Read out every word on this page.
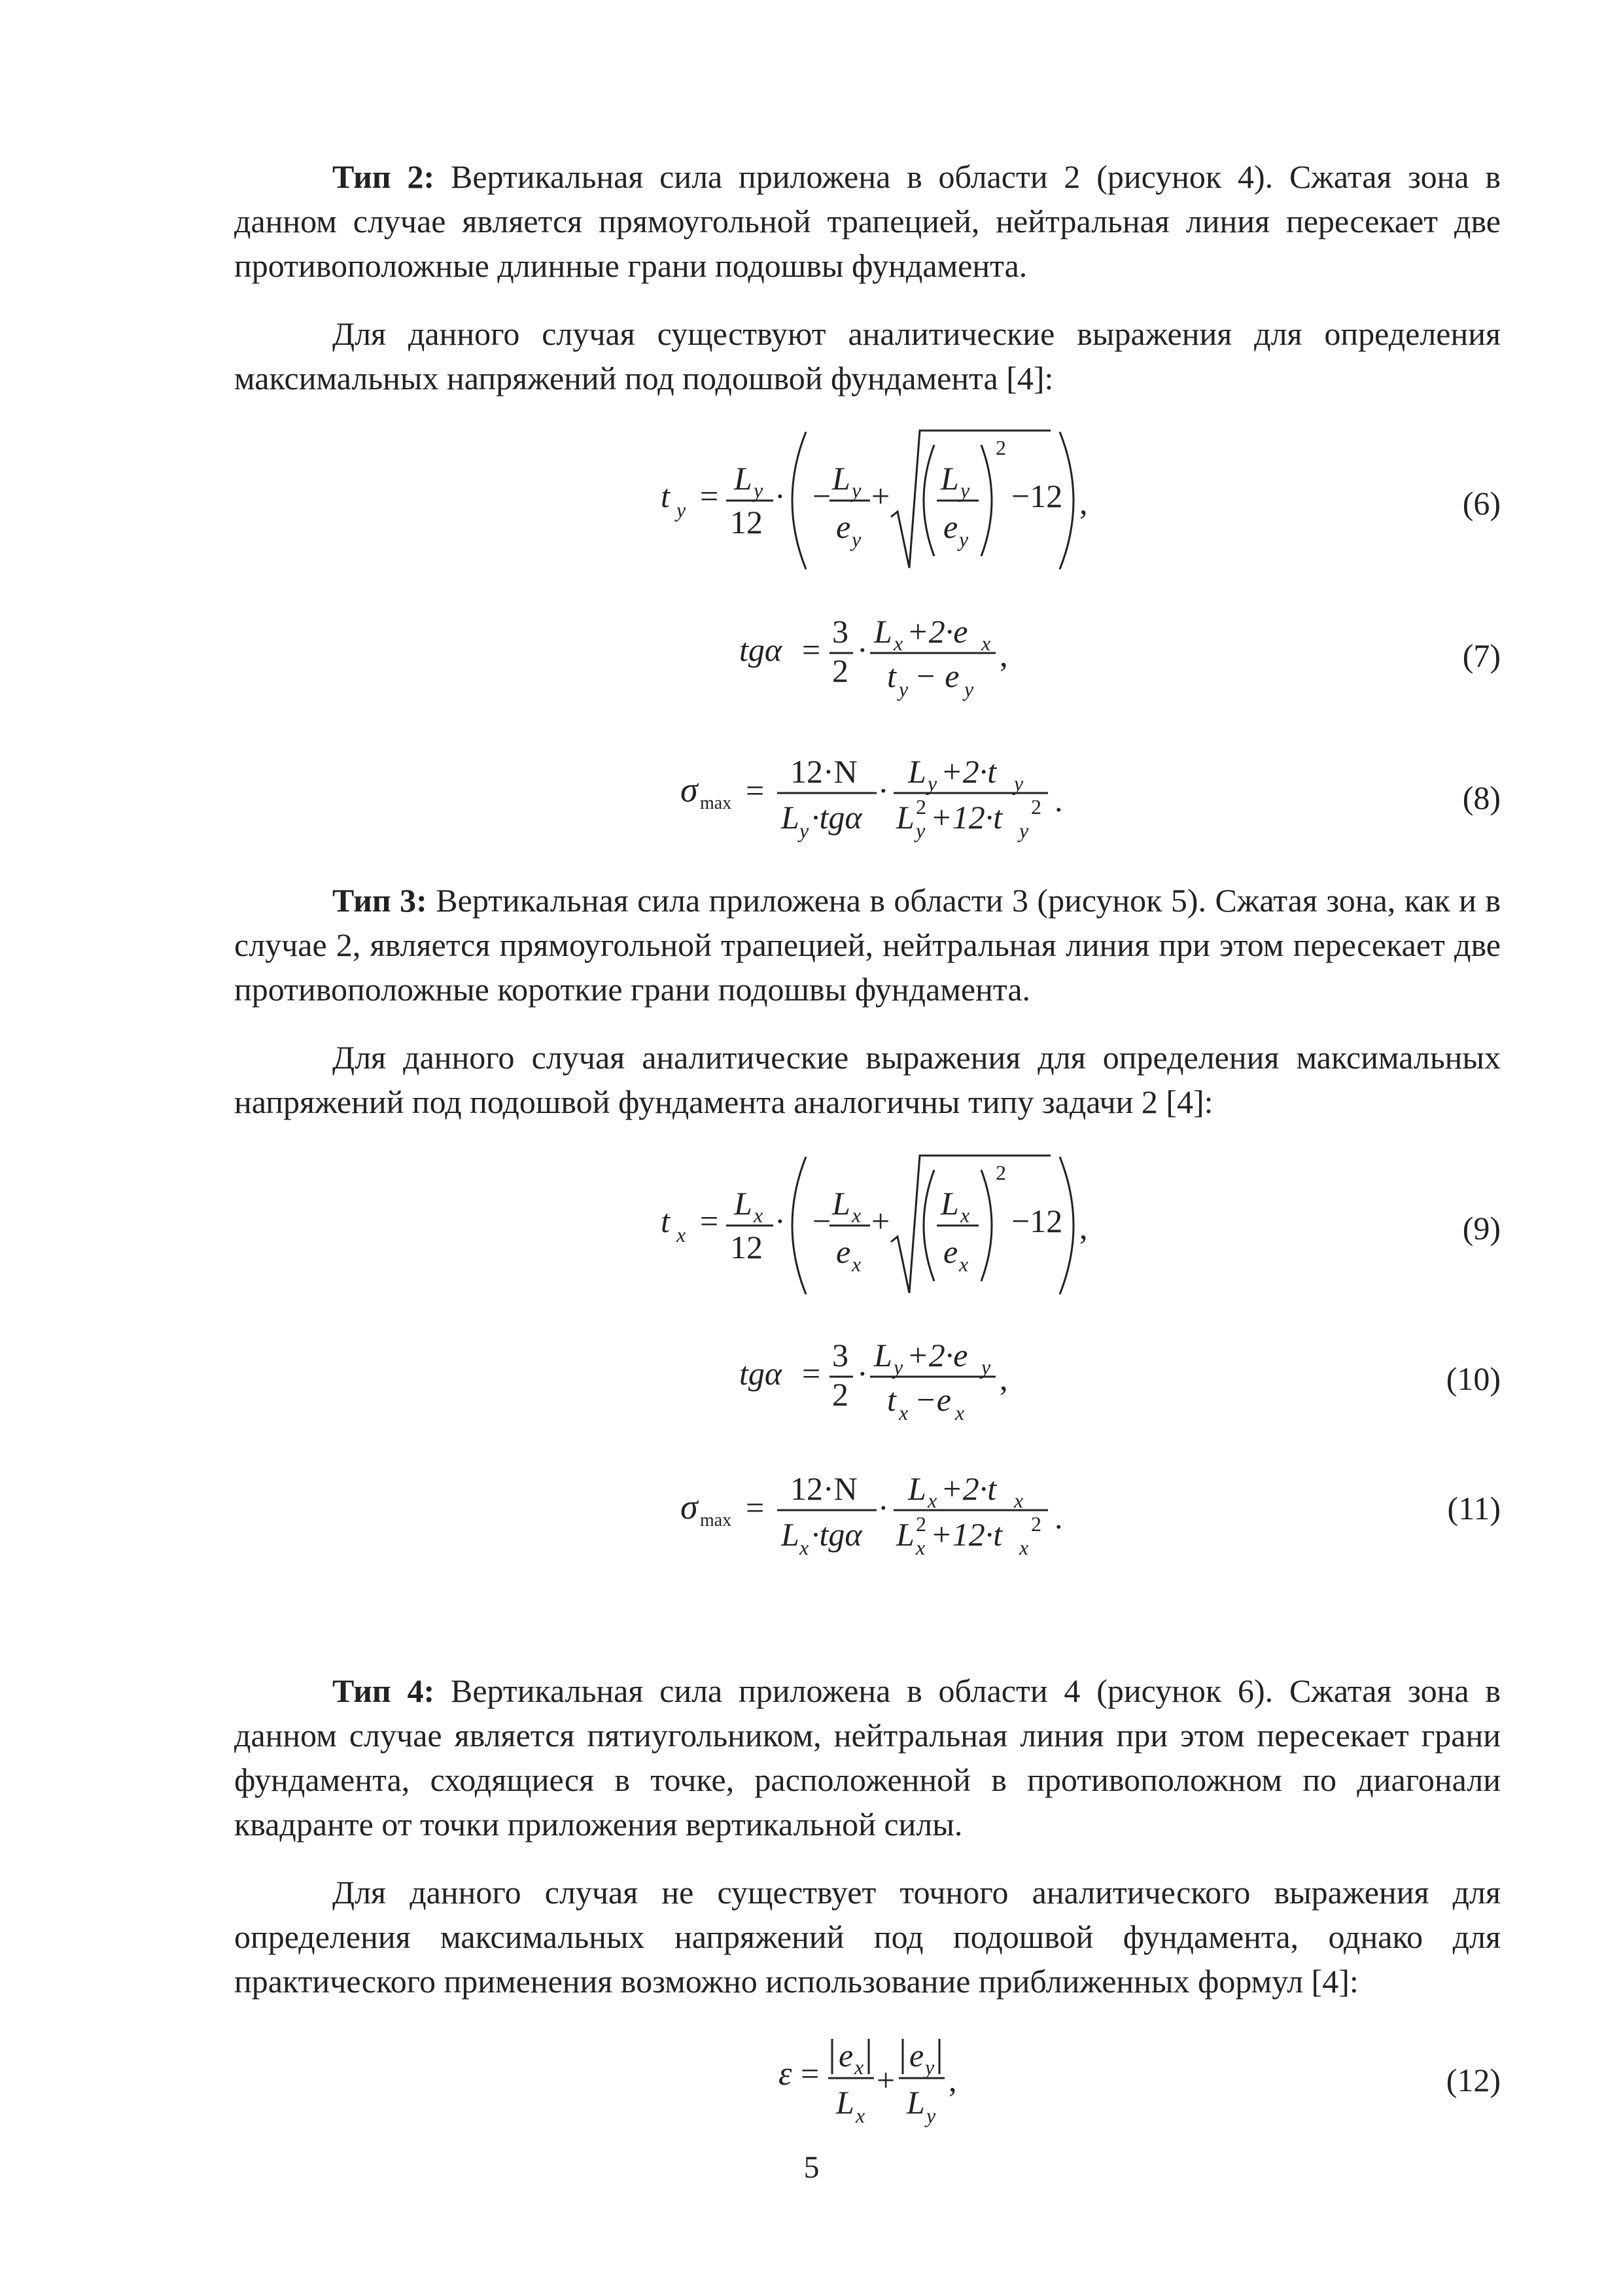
Тип 2: Вертикальная сила приложена в области 2 (рисунок 4). Сжатая зона в данном случае является прямоугольной трапецией, нейтральная линия пересекает две противоположные длинные грани подошвы фундамента.

Для данного случая существуют аналитические выражения для определения максимальных напряжений под подошвой фундамента [4]:

t y = L y
12
· − L y
e y
+ L y
e y
2
−12 ,	(6)
tgα = 3
2
· L x +2·e x
t y − e y
,	(7)
σ max =
12·N
L y ·tgα
·
L y +2·t y
L y
2 +12·t y
2 .	(8)

Тип 3: Вертикальная сила приложена в области 3 (рисунок 5). Сжатая зона, как и в случае 2, является прямоугольной трапецией, нейтральная линия при этом пересекает две противоположные короткие грани подошвы фундамента.

Для данного случая аналитические выражения для определения максимальных напряжений под подошвой фундамента аналогичны типу задачи 2 [4]:

t x = L x
12
· − L x
e x
+ L x
e x
2
−12 ,	(9)
tgα = 3
2
· L y +2·e y
t x −e x
,	(10)
σ max =
12·N
L x ·tgα
·
L x +2·t x
L x
2 +12·t x
2 .	(11)

Тип 4: Вертикальная сила приложена в области 4 (рисунок 6). Сжатая зона в данном случае является пятиугольником, нейтральная линия при этом пересекает грани фундамента, сходящиеся в точке, расположенной в противоположном по диагонали квадранте от точки приложения вертикальной силы.

Для данного случая не существует точного аналитического выражения для определения максимальных напряжений под подошвой фундамента, однако для практического применения возможно использование приближенных формул [4]:

ε = e x
L x
+
e y
L y
,	(12)
5
